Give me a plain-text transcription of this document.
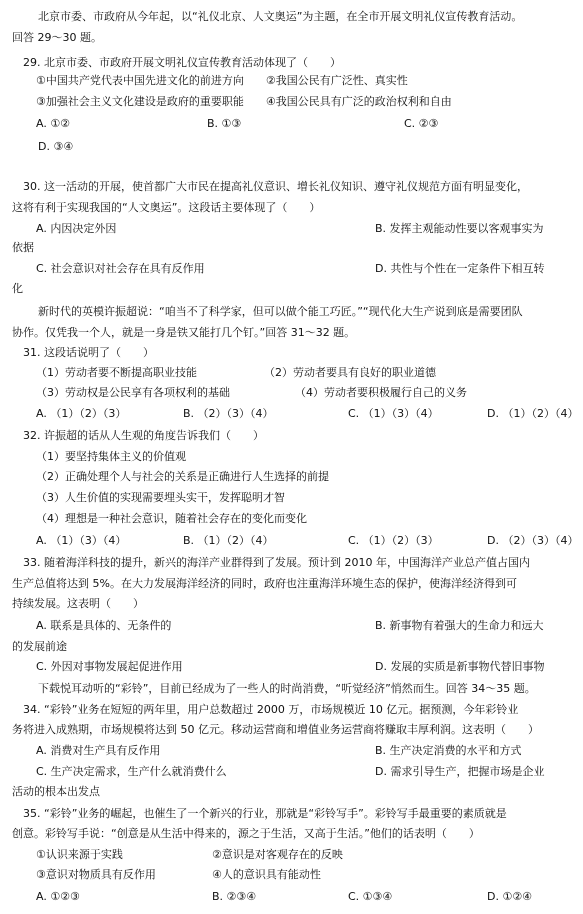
北京市委、市政府从今年起，以“礼仪北京、人文奥运”为主题，在全市开展文明礼仪宣传教育活动。
回答 29～30 题。
29. 北京市委、市政府开展文明礼仪宣传教育活动体现了（　　）
①中国共产党代表中国先进文化的前进方向　　②我国公民有广泛性、真实性
③加强社会主义文化建设是政府的重要职能　　④我国公民具有广泛的政治权利和自由
A. ①②	B. ①③	C. ②③
D. ③④
30. 这一活动的开展，使首都广大市民在提高礼仪意识、增长礼仪知识、遵守礼仪规范方面有明显变化，
这将有利于实现我国的“人文奥运”。这段话主要体现了（　　）
A. 内因决定外因	B. 发挥主观能动性要以客观事实为
依据
C. 社会意识对社会存在具有反作用	D. 共性与个性在一定条件下相互转
化
新时代的英模许振超说：“咱当不了科学家，但可以做个能工巧匠。”“现代化大生产说到底是需要团队
协作。仅凭我一个人，就是一身是铁又能打几个钉。”回答 31～32 题。
31. 这段话说明了（　　）
（1）劳动者要不断提高职业技能	（2）劳动者要具有良好的职业道德
（3）劳动权是公民享有各项权利的基础	（4）劳动者要积极履行自己的义务
A. （1）（2）（3）	B. （2）（3）（4）	C. （1）（3）（4）	D. （1）（2）（4）
32. 许振超的话从人生观的角度告诉我们（　　）
（1）要坚持集体主义的价值观
（2）正确处理个人与社会的关系是正确进行人生选择的前提
（3）人生价值的实现需要埋头实干，发挥聪明才智
（4）理想是一种社会意识，随着社会存在的变化而变化
A. （1）（3）（4）	B. （1）（2）（4）	C. （1）（2）（3）	D. （2）（3）（4）
33. 随着海洋科技的提升，新兴的海洋产业群得到了发展。预计到 2010 年，中国海洋产业总产值占国内
生产总值将达到 5%。在大力发展海洋经济的同时，政府也注重海洋环境生态的保护，使海洋经济得到可
持续发展。这表明（　　）
A. 联系是具体的、无条件的	B. 新事物有着强大的生命力和远大
的发展前途
C. 外因对事物发展起促进作用	D. 发展的实质是新事物代替旧事物
下载悦耳动听的“彩铃”，目前已经成为了一些人的时尚消费，“听觉经济”悄然而生。回答 34～35 题。
34. “彩铃”业务在短短的两年里，用户总数超过 2000 万，市场规模近 10 亿元。据预测，今年彩铃业
务将进入成熟期，市场规模将达到 50 亿元。移动运营商和增值业务运营商将赚取丰厚利润。这表明（　　）
A. 消费对生产具有反作用	B. 生产决定消费的水平和方式
C. 生产决定需求，生产什么就消费什么	D. 需求引导生产，把握市场是企业
活动的根本出发点
35. “彩铃”业务的崛起，也催生了一个新兴的行业，那就是“彩铃写手”。彩铃写手最重要的素质就是
创意。彩铃写手说：“创意是从生活中得来的，源之于生活，又高于生活。”他们的话表明（　　）
①认识来源于实践	②意识是对客观存在的反映
③意识对物质具有反作用	④人的意识具有能动性
A. ①②③	B. ②③④	C. ①③④	D. ①②④
